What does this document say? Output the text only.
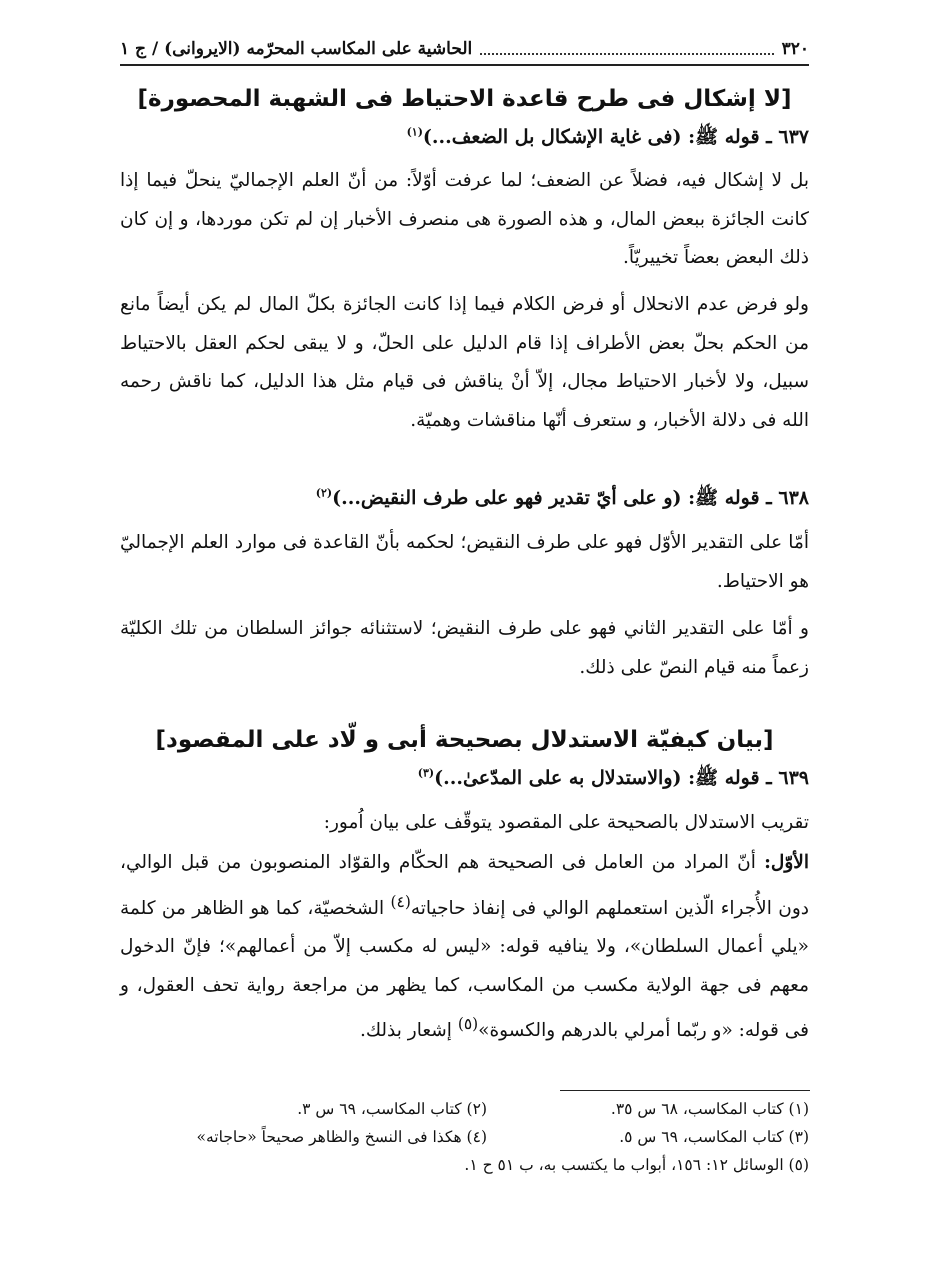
٣٢٠
الحاشية على المكاسب المحرّمه (الايروانى) / ج ١
[لا إشكال فى طرح قاعدة الاحتياط فى الشهبة المحصورة]
٦٣٧ ـ قوله ﷺ: (فى غاية الإشكال بل الضعف...)$^{(١)}$
بل لا إشكال فيه، فضلاً عن الضعف؛ لما عرفت أوّلاً: من أنّ العلم الإجماليّ ينحلّ فيما إذا كانت الجائزة ببعض المال، و هذه الصورة هى منصرف الأخبار إن لم تكن موردها، و إن كان ذلك البعض بعضاً تخييريّاً.
ولو فرض عدم الانحلال أو فرض الكلام فيما إذا كانت الجائزة بكلّ المال لم يكن أيضاً مانع من الحكم بحلّ بعض الأطراف إذا قام الدليل على الحلّ، و لا يبقى لحكم العقل بالاحتياط سبيل، ولا لأخبار الاحتياط مجال، إلاّ أنْ يناقش فى قيام مثل هذا الدليل، كما ناقش رحمه الله فى دلالة الأخبار، و ستعرف أنّها مناقشات وهميّة.
٦٣٨ ـ قوله ﷺ: (و على أيّ تقدير فهو على طرف النقيض...)$^{(٢)}$
أمّا على التقدير الأوّل فهو على طرف النقيض؛ لحكمه بأنّ القاعدة فى موارد العلم الإجماليّ هو الاحتياط.
و أمّا على التقدير الثاني فهو على طرف النقيض؛ لاستثنائه جوائز السلطان من تلك الكليّة زعماً منه قيام النصّ على ذلك.
[بيان كيفيّة الاستدلال بصحيحة أبى و لّاد على المقصود]
٦٣٩ ـ قوله ﷺ: (والاستدلال به على المدّعىٰ...)$^{(٣)}$
تقريب الاستدلال بالصحيحة على المقصود يتوقّف على بيان اُمور:
الأوّل: أنّ المراد من العامل فى الصحيحة هم الحكّام والقوّاد المنصوبون من قبل الوالي، دون الأُجراء الّذين استعملهم الوالي فى إنفاذ حاجياته$^{(٤)}$ الشخصيّة، كما هو الظاهر من كلمة «يلي أعمال السلطان»، ولا ينافيه قوله: «ليس له مكسب إلاّ من أعمالهم»؛ فإنّ الدخول معهم فى جهة الولاية مكسب من المكاسب، كما يظهر من مراجعة رواية تحف العقول، و فى قوله: «و ربّما أمرلي بالدرهم والكسوة»$^{(٥)}$ إشعار بذلك.
(١) كتاب المكاسب، ٦٨ س ٣٥.
(٢) كتاب المكاسب، ٦٩ س ٣.
(٣) كتاب المكاسب، ٦٩ س ٥.
(٤) هكذا فى النسخ والظاهر صحيحاً «حاجاته»
(٥) الوسائل ١٢: ١٥٦، أبواب ما يكتسب به، ب ٥١ ح ١.
